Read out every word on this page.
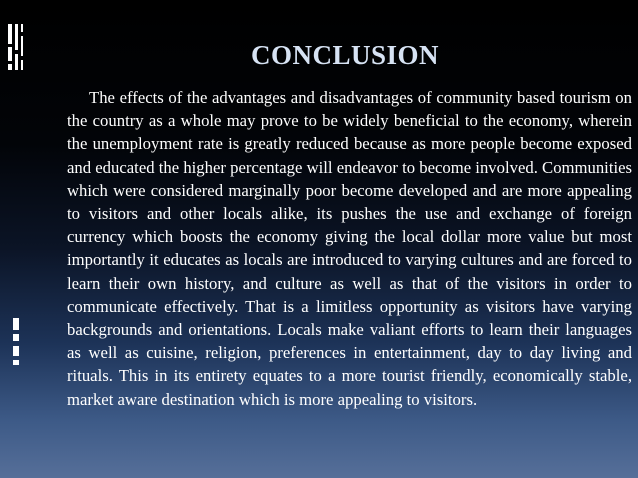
CONCLUSION

The effects of the advantages and disadvantages of community based tourism on the country as a whole may prove to be widely beneficial to the economy, wherein the unemployment rate is greatly reduced because as more people become exposed and educated the higher percentage will endeavor to become involved. Communities which were considered marginally poor become developed and are more appealing to visitors and other locals alike, its pushes the use and exchange of foreign currency which boosts the economy giving the local dollar more value but most importantly it educates as locals are introduced to varying cultures and are forced to learn their own history, and culture as well as that of the visitors in order to communicate effectively. That is a limitless opportunity as visitors have varying backgrounds and orientations. Locals make valiant efforts to learn their languages as well as cuisine, religion, preferences in entertainment, day to day living and rituals. This in its entirety equates to a more tourist friendly, economically stable, market aware destination which is more appealing to visitors.
